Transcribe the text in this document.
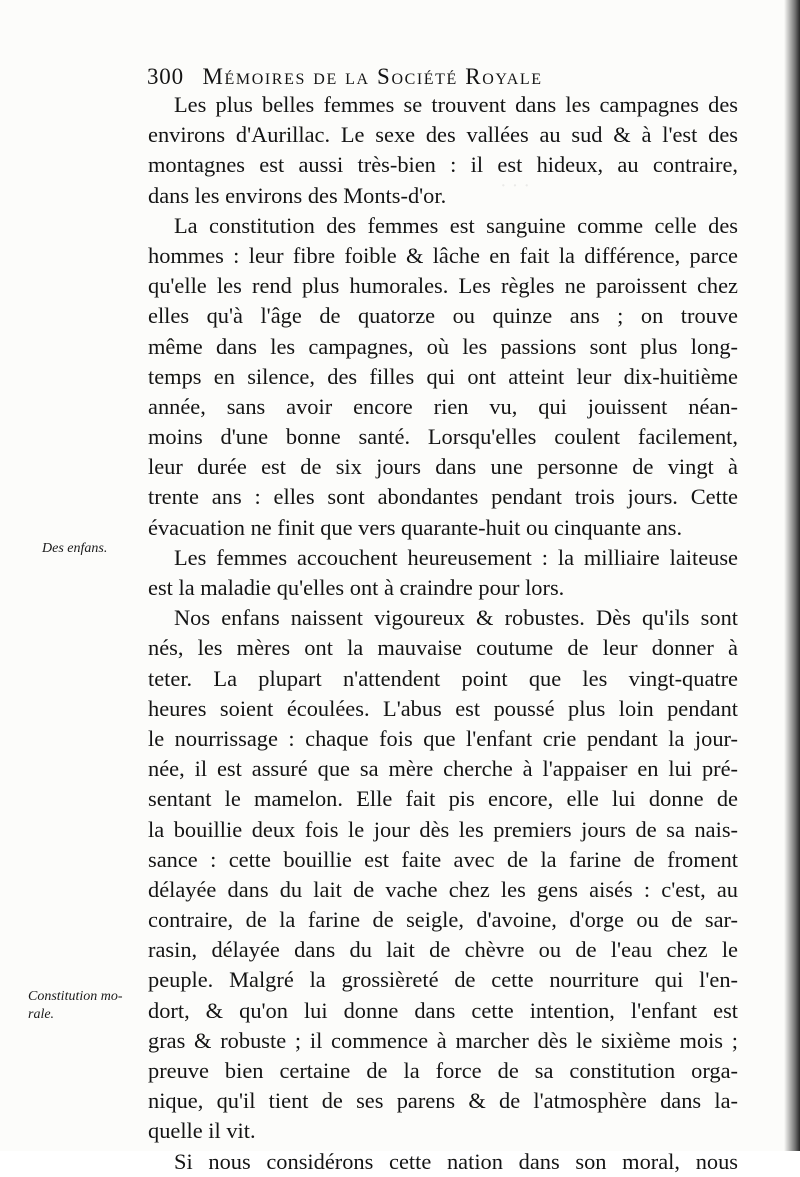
· · ·
300 Mémoires de la Société Royale
Des enfans.
Constitution mo-
rale.
Les plus belles femmes se trouvent dans les campagnes des
environs d'Aurillac. Le sexe des vallées au sud & à l'est des
montagnes est aussi très-bien : il est hideux, au contraire,
dans les environs des Monts-d'or.
La constitution des femmes est sanguine comme celle des
hommes : leur fibre foible & lâche en fait la différence, parce
qu'elle les rend plus humorales. Les règles ne paroissent chez
elles qu'à l'âge de quatorze ou quinze ans ; on trouve
même dans les campagnes, où les passions sont plus long-
temps en silence, des filles qui ont atteint leur dix-huitième
année, sans avoir encore rien vu, qui jouissent néan-
moins d'une bonne santé. Lorsqu'elles coulent facilement,
leur durée est de six jours dans une personne de vingt à
trente ans : elles sont abondantes pendant trois jours. Cette
évacuation ne finit que vers quarante-huit ou cinquante ans.
Les femmes accouchent heureusement : la milliaire laiteuse
est la maladie qu'elles ont à craindre pour lors.
Nos enfans naissent vigoureux & robustes. Dès qu'ils sont
nés, les mères ont la mauvaise coutume de leur donner à
teter. La plupart n'attendent point que les vingt-quatre
heures soient écoulées. L'abus est poussé plus loin pendant
le nourrissage : chaque fois que l'enfant crie pendant la jour-
née, il est assuré que sa mère cherche à l'appaiser en lui pré-
sentant le mamelon. Elle fait pis encore, elle lui donne de
la bouillie deux fois le jour dès les premiers jours de sa nais-
sance : cette bouillie est faite avec de la farine de froment
délayée dans du lait de vache chez les gens aisés : c'est, au
contraire, de la farine de seigle, d'avoine, d'orge ou de sar-
rasin, délayée dans du lait de chèvre ou de l'eau chez le
peuple. Malgré la grossièreté de cette nourriture qui l'en-
dort, & qu'on lui donne dans cette intention, l'enfant est
gras & robuste ; il commence à marcher dès le sixième mois ;
preuve bien certaine de la force de sa constitution orga-
nique, qu'il tient de ses parens & de l'atmosphère dans la-
quelle il vit.
Si nous considérons cette nation dans son moral, nous
